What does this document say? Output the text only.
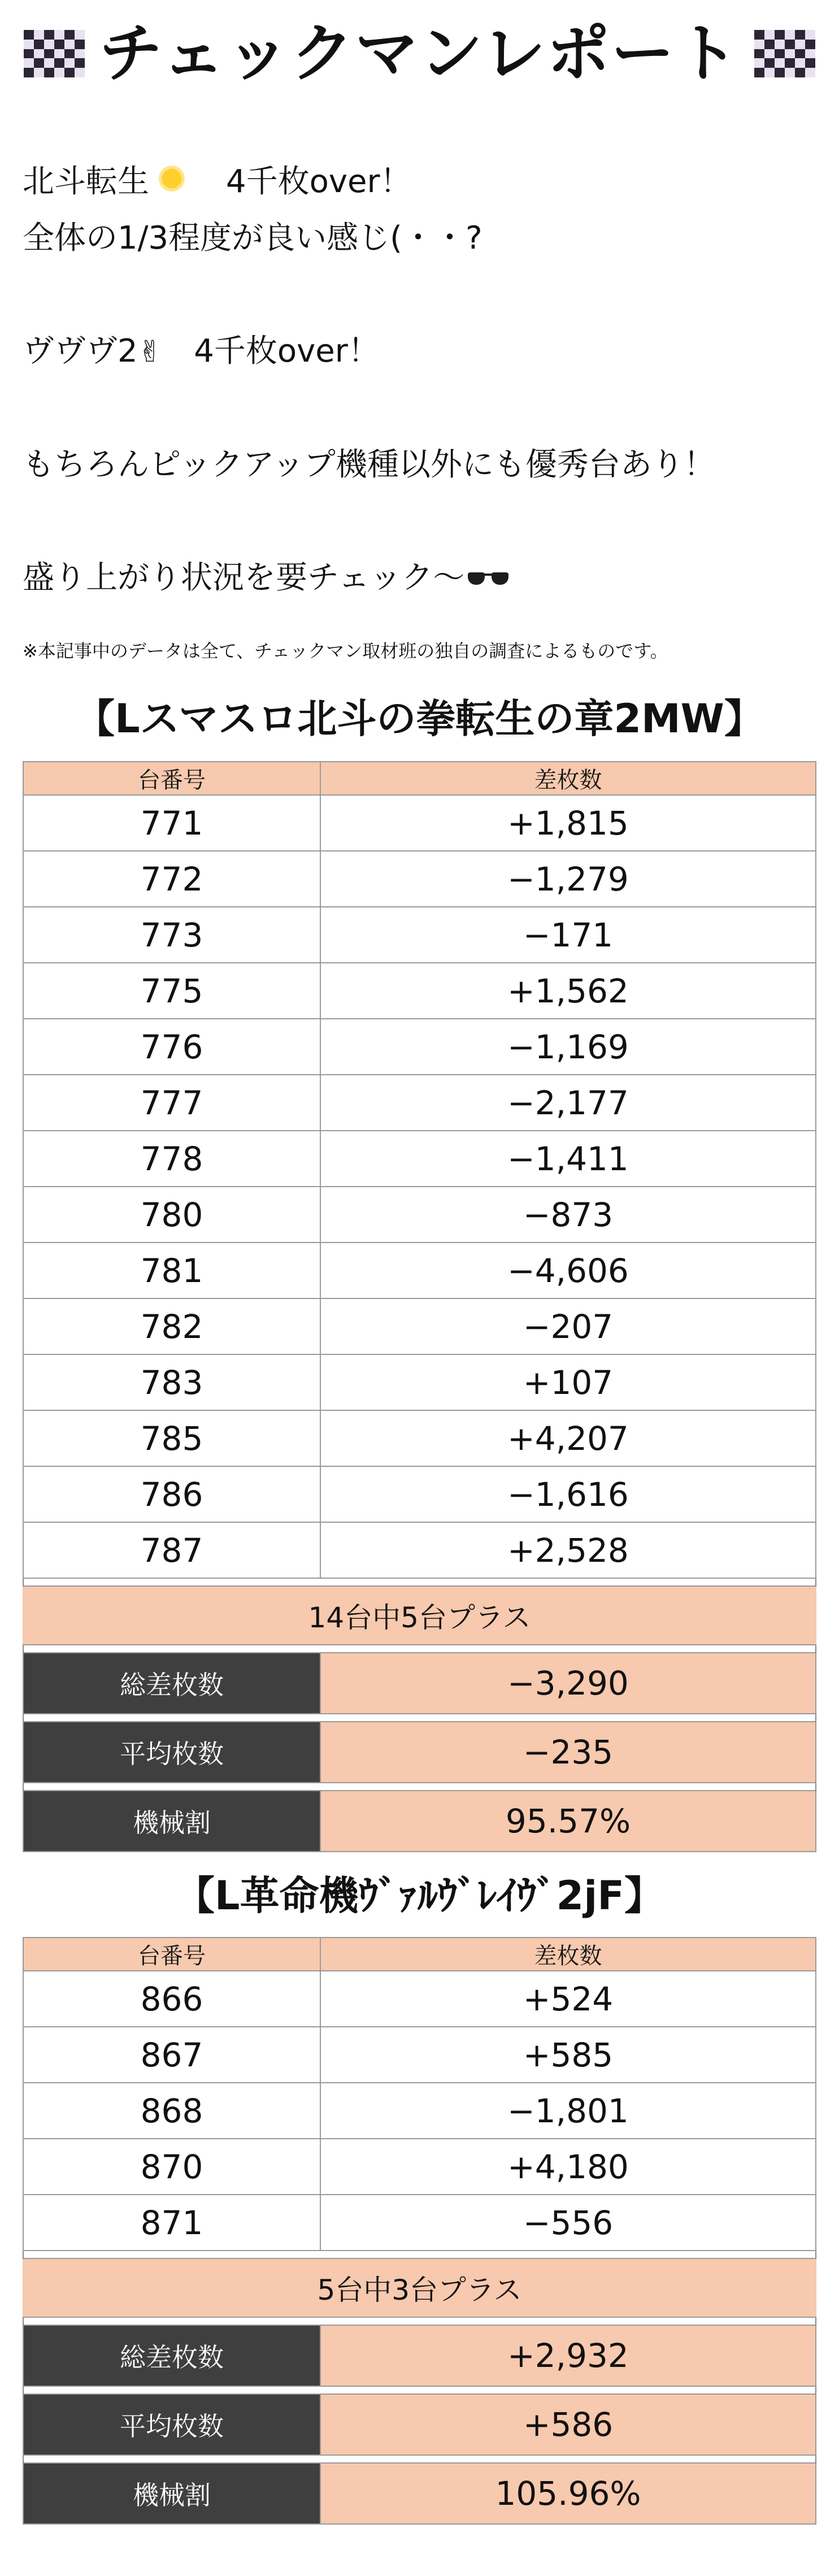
チェックマンレポート

北斗転生　4千枚over！

全体の1/3程度が良い感じ(・・?

ヴヴヴ2✌　4千枚over！

もちろんピックアップ機種以外にも優秀台あり！

盛り上がり状況を要チェック～

※本記事中のデータは全て、チェックマン取材班の独自の調査によるものです。
【Lスマスロ北斗の拳転生の章2MW】
台番号	差枚数
771	+1,815
772	−1,279
773	−171
775	+1,562
776	−1,169
777	−2,177
778	−1,411
780	−873
781	−4,606
782	−207
783	+107
785	+4,207
786	−1,616
787	+2,528

14台中5台プラス	

総差枚数	−3,290

平均枚数	−235

機械割	95.57%
【L革命機ｳﾞｧﾙｳﾞﾚｲｳﾞ2jF】
台番号	差枚数
866	+524
867	+585
868	−1,801
870	+4,180
871	−556

5台中3台プラス	

総差枚数	+2,932

平均枚数	+586

機械割	105.96%
